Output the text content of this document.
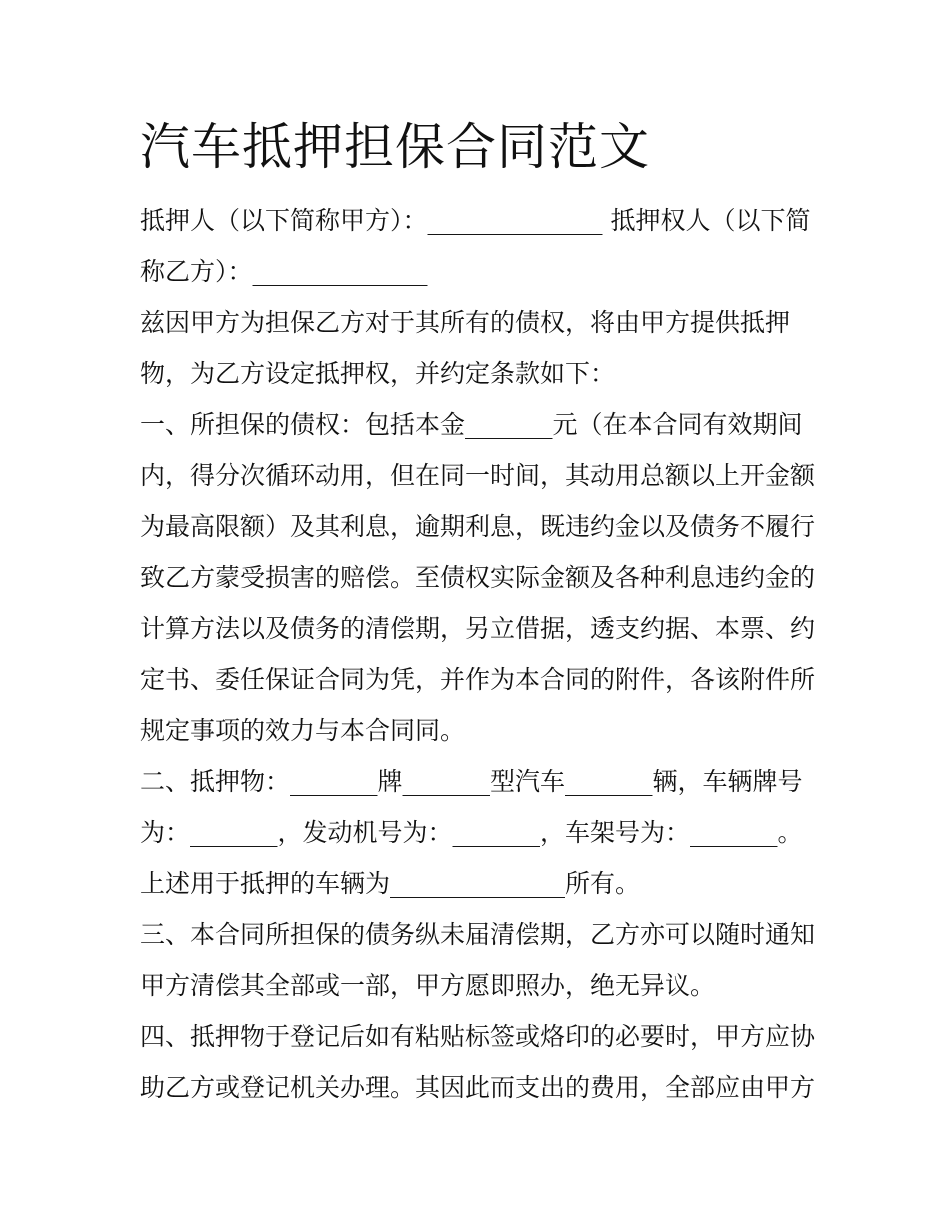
汽车抵押担保合同范文

抵押人（以下简称甲方）：______________ 抵押权人（以下简

称乙方）：______________

兹因甲方为担保乙方对于其所有的债权，将由甲方提供抵押

物，为乙方设定抵押权，并约定条款如下：

一、所担保的债权：包括本金_______元（在本合同有效期间

内，得分次循环动用，但在同一时间，其动用总额以上开金额

为最高限额）及其利息，逾期利息，既违约金以及债务不履行

致乙方蒙受损害的赔偿。至债权实际金额及各种利息违约金的

计算方法以及债务的清偿期，另立借据，透支约据、本票、约

定书、委任保证合同为凭，并作为本合同的附件，各该附件所

规定事项的效力与本合同同。

二、抵押物：_______牌_______型汽车_______辆，车辆牌号

为：_______，发动机号为：_______，车架号为：_______。

上述用于抵押的车辆为______________所有。

三、本合同所担保的债务纵未届清偿期，乙方亦可以随时通知

甲方清偿其全部或一部，甲方愿即照办，绝无异议。

四、抵押物于登记后如有粘贴标签或烙印的必要时，甲方应协

助乙方或登记机关办理。其因此而支出的费用，全部应由甲方
